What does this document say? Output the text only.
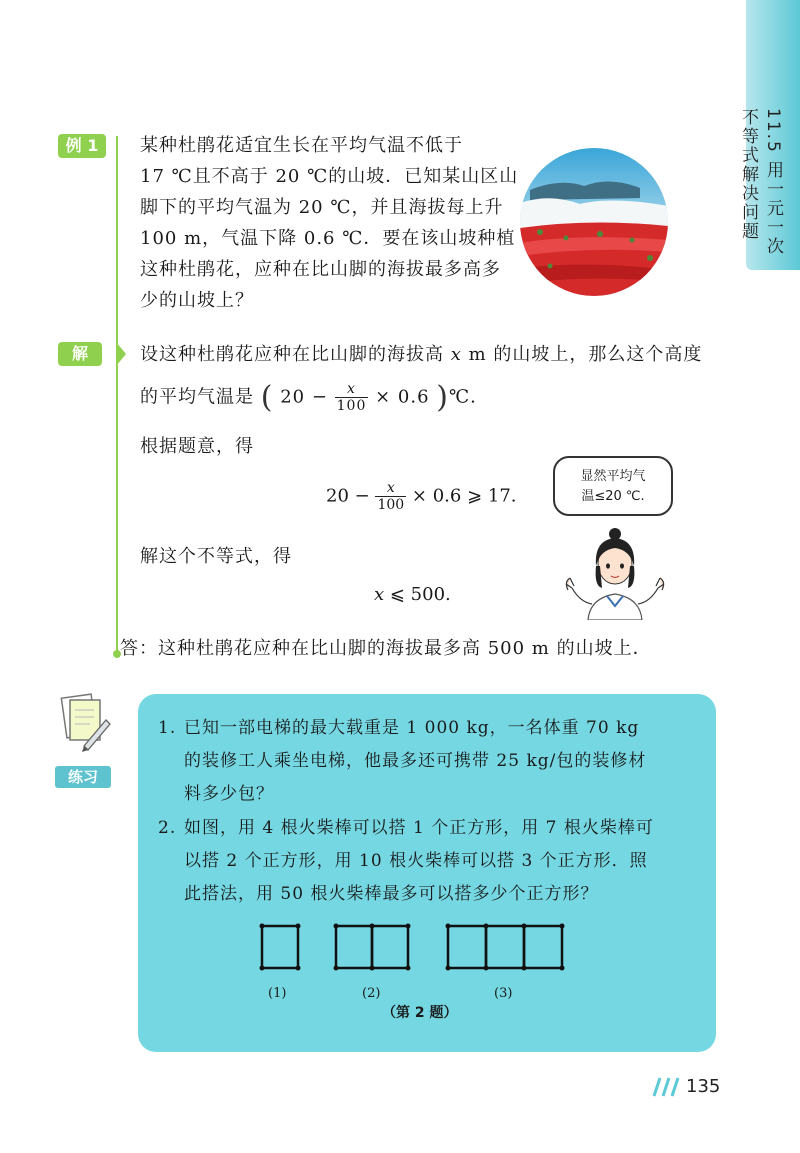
11.5 用一元一次不等式解决问题
例 1	某种杜鹃花适宜生长在平均气温不低于
17 ℃且不高于 20 ℃的山坡．已知某山区山
脚下的平均气温为 20 ℃，并且海拔每上升
100 m，气温下降 0.6 ℃．要在该山坡种植
这种杜鹃花，应种在比山脚的海拔最多高多
少的山坡上？
解	设这种杜鹃花应种在比山脚的海拔高 x m 的山坡上，那么这个高度
的平均气温是 ( $20 - \frac{x}{100} \times 0.6$ )℃.
根据题意，得
$20 - \frac{x}{100} \times 0.6$ ⩾ 17.
解这个不等式，得
x ⩽ 500.
答：这种杜鹃花应种在比山脚的海拔最多高 500 m 的山坡上．
显然平均气
温≤20 ℃.
练习
1. 已知一部电梯的最大载重是 1 000 kg，一名体重 70 kg 的装修工人乘坐电梯，他最多还可携带 25 kg/包的装修材料多少包？
2. 如图，用 4 根火柴棒可以搭 1 个正方形，用 7 根火柴棒可以搭 2 个正方形，用 10 根火柴棒可以搭 3 个正方形．照此搭法，用 50 根火柴棒最多可以搭多少个正方形？
(1)	(2)	(3)
（第 2 题）
135
